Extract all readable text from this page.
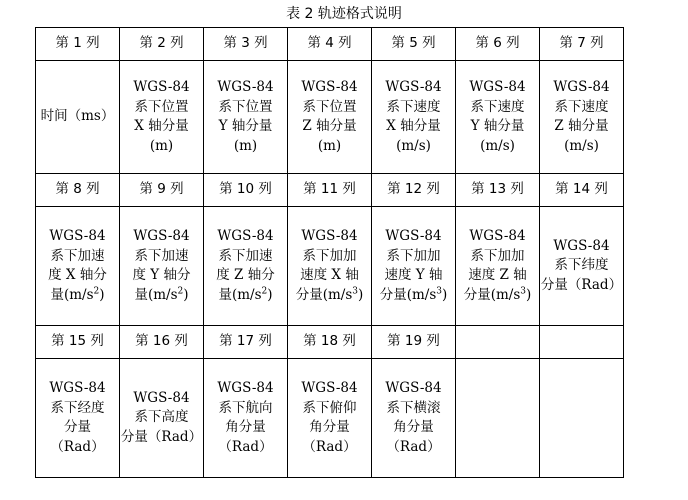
表 2 轨迹格式说明
第 1 列	第 2 列	第 3 列	第 4 列	第 5 列	第 6 列	第 7 列

时间（ms）	WGS-84
系下位置
X 轴分量
(m)	WGS-84
系下位置
Y 轴分量
(m)	WGS-84
系下位置
Z 轴分量
(m)	WGS-84
系下速度
X 轴分量
(m/s)	WGS-84
系下速度
Y 轴分量
(m/s)	WGS-84
系下速度
Z 轴分量
(m/s)

第 8 列	第 9 列	第 10 列	第 11 列	第 12 列	第 13 列	第 14 列

WGS-84
系下加速
度 X 轴分
量$(m/s^2)$	WGS-84
系下加速
度 Y 轴分
量$(m/s^2)$	WGS-84
系下加速
度 Z 轴分
量$(m/s^2)$	WGS-84
系下加加
速度 X 轴
分量$(m/s^3)$	WGS-84
系下加加
速度 Y 轴
分量$(m/s^3)$	WGS-84
系下加加
速度 Z 轴
分量$(m/s^3)$	WGS-84
系下纬度
分量（Rad）

第 15 列	第 16 列	第 17 列	第 18 列	第 19 列		

WGS-84
系下经度
分量
（Rad）	WGS-84
系下高度
分量（Rad）	WGS-84
系下航向
角分量
（Rad）	WGS-84
系下俯仰
角分量
（Rad）	WGS-84
系下横滚
角分量
（Rad）		
